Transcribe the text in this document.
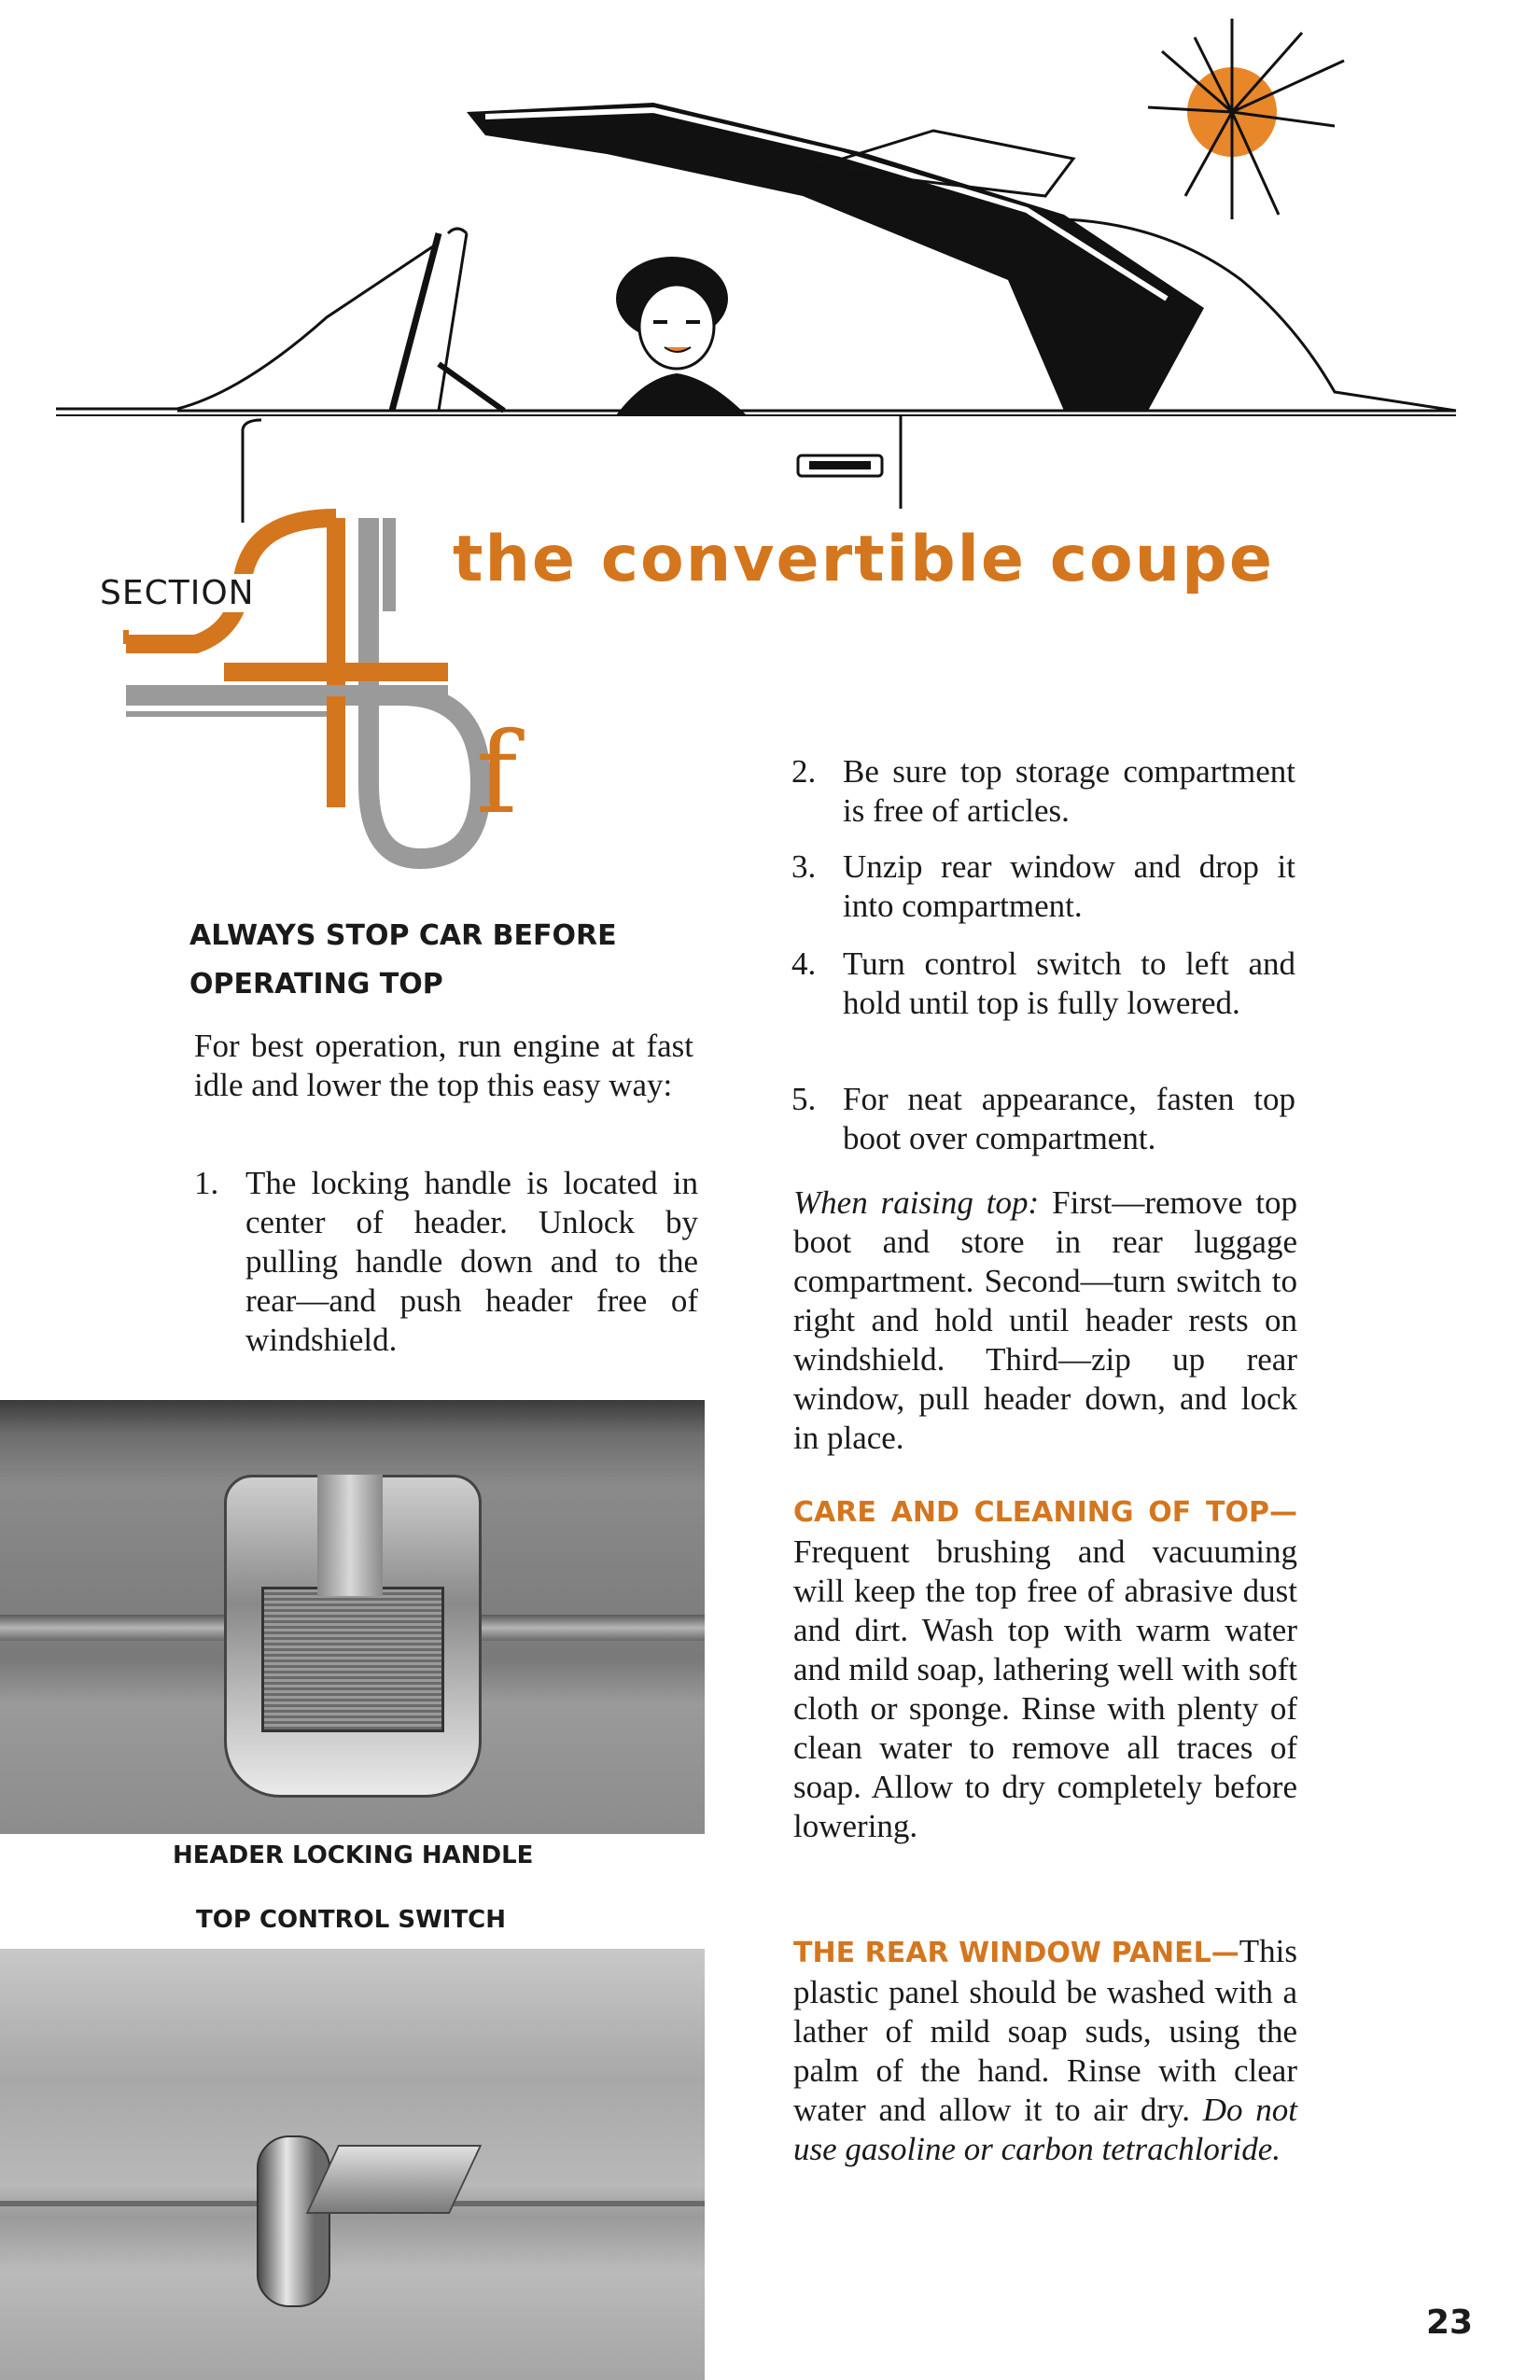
SECTION
f
the convertible coupe
ALWAYS STOP CAR BEFORE
OPERATING TOP
For best operation, run engine at fast idle and lower the top this easy way:
1. The locking handle is located in center of header. Unlock by pulling handle down and to the rear—and push header free of windshield.
HEADER LOCKING HANDLE
TOP CONTROL SWITCH
2. Be sure top storage compartment is free of articles.
3. Unzip rear window and drop it into compartment.
4. Turn control switch to left and hold until top is fully lowered.
5. For neat appearance, fasten top boot over compartment.
When raising top: First—remove top boot and store in rear luggage compartment. Second—turn switch to right and hold until header rests on windshield. Third—zip up rear window, pull header down, and lock in place.
CARE AND CLEANING OF TOP—Frequent brushing and vacuuming will keep the top free of abrasive dust and dirt. Wash top with warm water and mild soap, lathering well with soft cloth or sponge. Rinse with plenty of clean water to remove all traces of soap. Allow to dry completely before lowering.
THE REAR WINDOW PANEL—This plastic panel should be washed with a lather of mild soap suds, using the palm of the hand. Rinse with clear water and allow it to air dry. Do not use gasoline or carbon tetrachloride.
23
